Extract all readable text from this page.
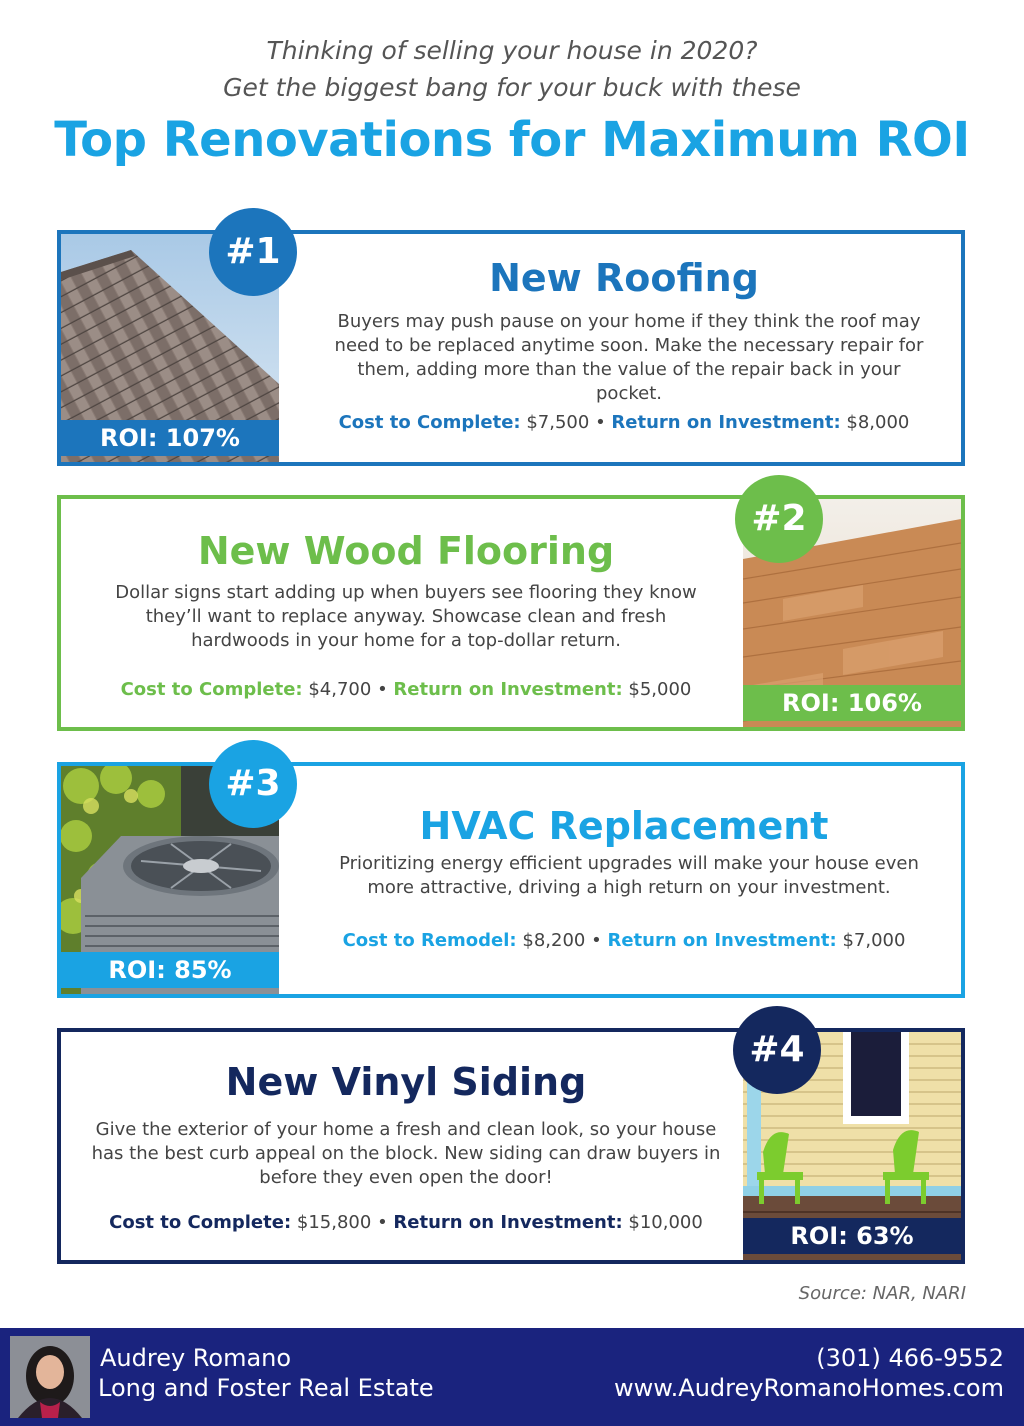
Thinking of selling your house in 2020?
Get the biggest bang for your buck with these
Top Renovations for Maximum ROI
ROI: 107%
#1
New Roofing
Buyers may push pause on your home if they think the roof may need to be replaced anytime soon. Make the necessary repair for them, adding more than the value of the repair back in your pocket.
Cost to Complete: $7,500 • Return on Investment: $8,000
ROI: 106%
#2
New Wood Flooring
Dollar signs start adding up when buyers see flooring they know they’ll want to replace anyway. Showcase clean and fresh hardwoods in your home for a top-dollar return.
Cost to Complete: $4,700 • Return on Investment: $5,000
ROI: 85%
#3
HVAC Replacement
Prioritizing energy efficient upgrades will make your house even more attractive, driving a high return on your investment.
Cost to Remodel: $8,200 • Return on Investment: $7,000
ROI: 63%
#4
New Vinyl Siding
Give the exterior of your home a fresh and clean look, so your house has the best curb appeal on the block. New siding can draw buyers in before they even open the door!
Cost to Complete: $15,800 • Return on Investment: $10,000
Source: NAR, NARI
Audrey Romano
Long and Foster Real Estate
(301) 466-9552
www.AudreyRomanoHomes.com
